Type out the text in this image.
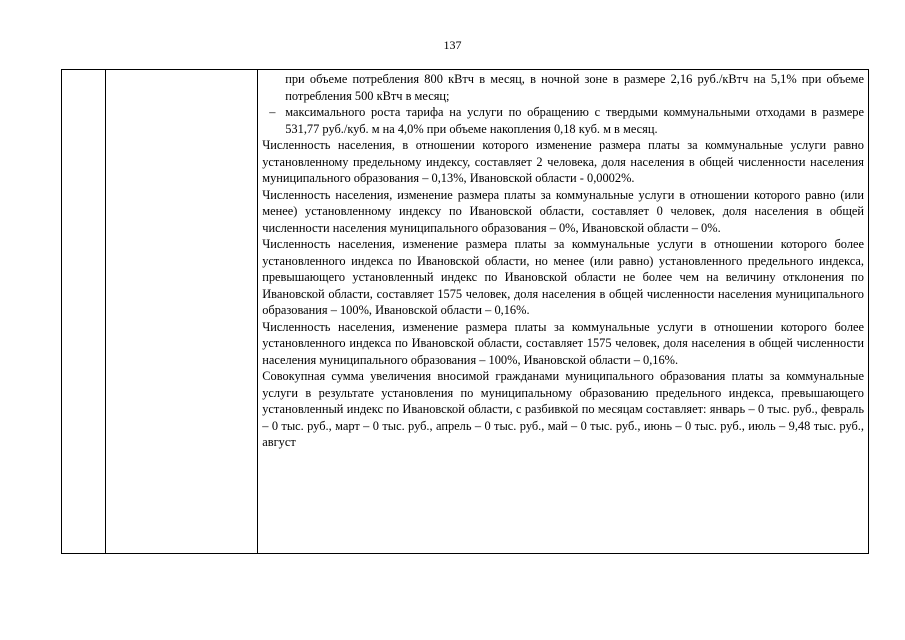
137

при объеме потребления 800 кВтч в месяц, в ночной зоне в размере 2,16 руб./кВтч на 5,1% при объеме потребления 500 кВтч в месяц;

– максимального роста тарифа на услуги по обращению с твердыми коммунальными отходами в размере 531,77 руб./куб. м на 4,0% при объеме накопления 0,18 куб. м в месяц.

Численность населения, в отношении которого изменение размера платы за коммунальные услуги равно установленному предельному индексу, составляет 2 человека, доля населения в общей численности населения муниципального образования – 0,13%, Ивановской области - 0,0002%.

Численность населения, изменение размера платы за коммунальные услуги в отношении которого равно (или менее) установленному индексу по Ивановской области, составляет 0 человек, доля населения в общей численности населения муниципального образования – 0%, Ивановской области – 0%.

Численность населения, изменение размера платы за коммунальные услуги в отношении которого более установленного индекса по Ивановской области, но менее (или равно) установленного предельного индекса, превышающего установленный индекс по Ивановской области не более чем на величину отклонения по Ивановской области, составляет 1575 человек, доля населения в общей численности населения муниципального образования – 100%, Ивановской области – 0,16%.

Численность населения, изменение размера платы за коммунальные услуги в отношении которого более установленного индекса по Ивановской области, составляет 1575 человек, доля населения в общей численности населения муниципального образования – 100%, Ивановской области – 0,16%.

Совокупная сумма увеличения вносимой гражданами муниципального образования платы за коммунальные услуги в результате установления по муниципальному образованию предельного индекса, превышающего установленный индекс по Ивановской области, с разбивкой по месяцам составляет: январь – 0 тыс. руб., февраль – 0 тыс. руб., март – 0 тыс. руб., апрель – 0 тыс. руб., май – 0 тыс. руб., июнь – 0 тыс. руб., июль – 9,48 тыс. руб., август
